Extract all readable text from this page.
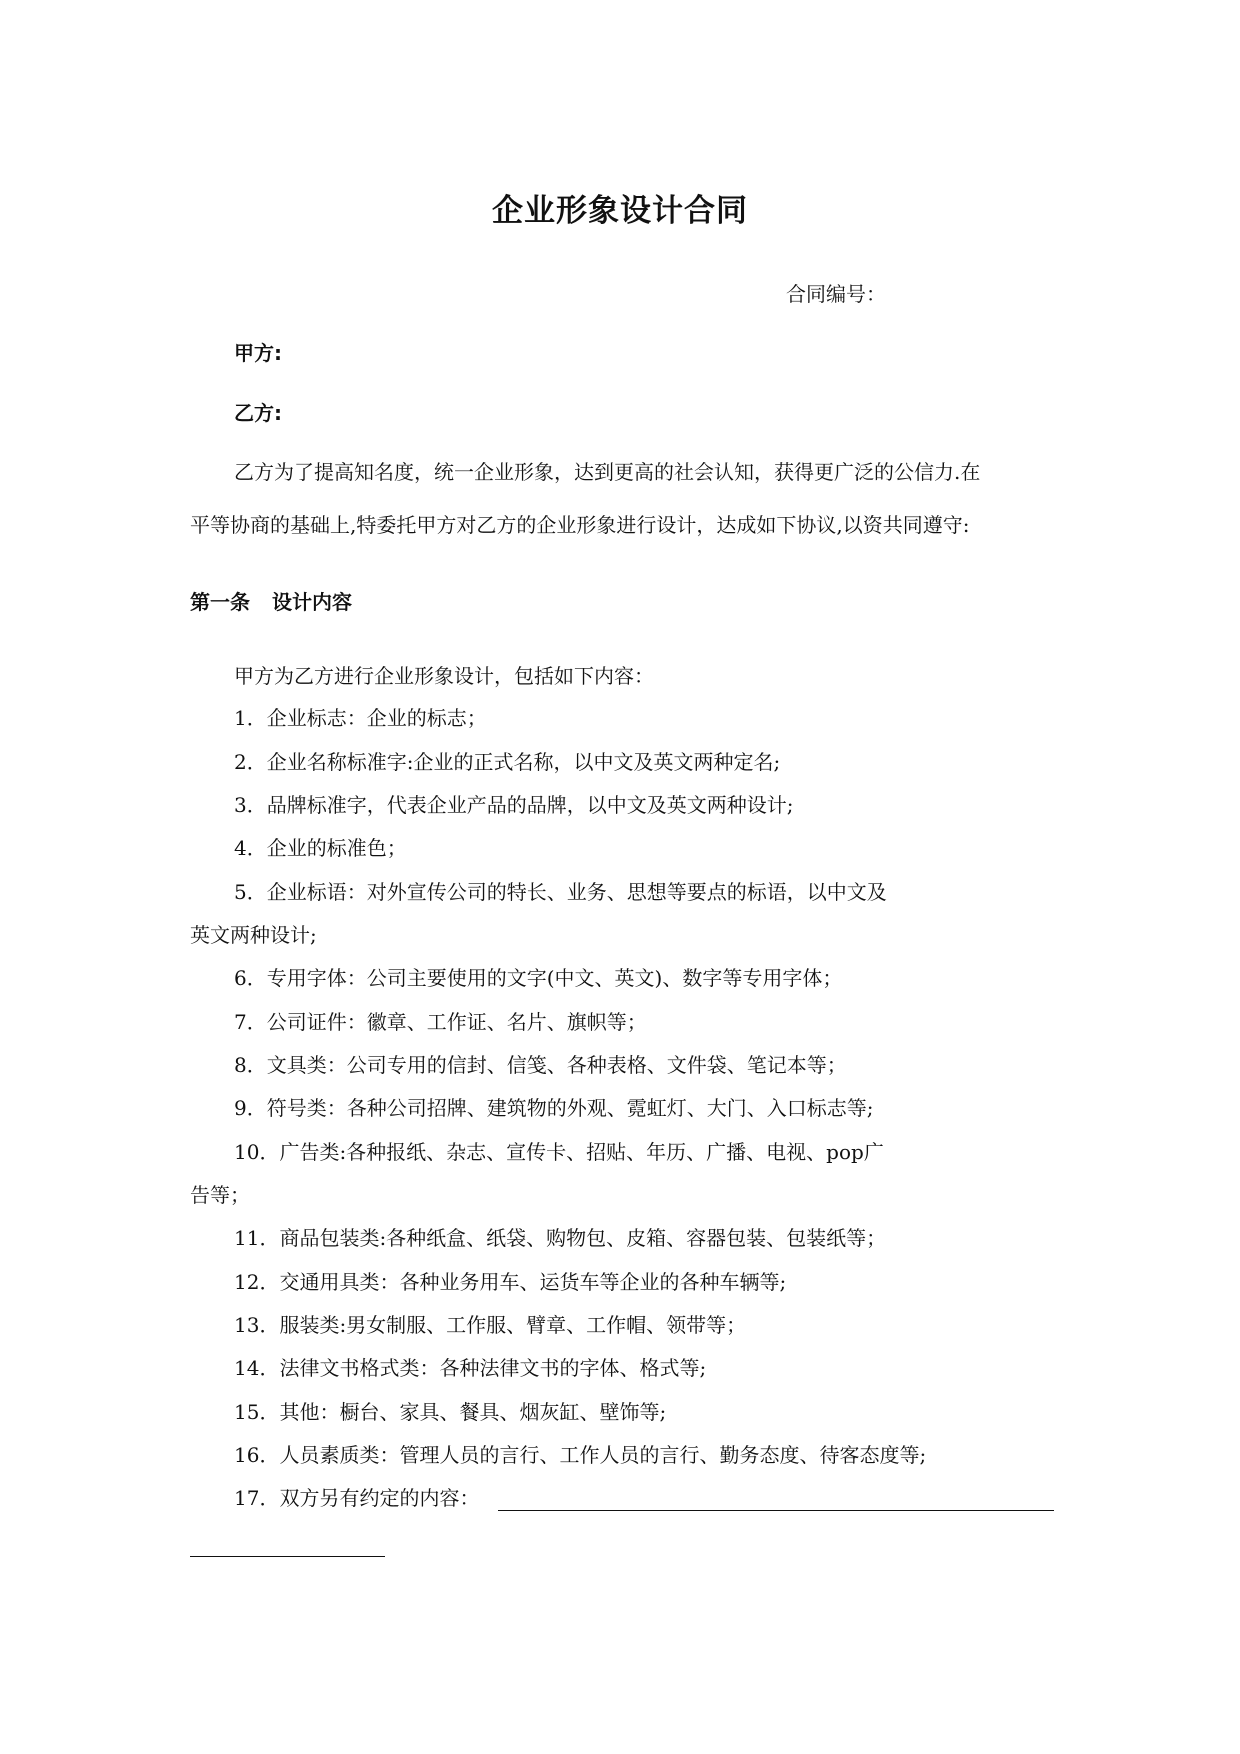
企业形象设计合同
合同编号：
甲方:
乙方:
乙方为了提高知名度，统一企业形象，达到更高的社会认知，获得更广泛的公信力.在
平等协商的基础上,特委托甲方对乙方的企业形象进行设计，达成如下协议,以资共同遵守:
第一条 设计内容
甲方为乙方进行企业形象设计，包括如下内容：
1．企业标志：企业的标志；
2．企业名称标准字:企业的正式名称，以中文及英文两种定名;
3．品牌标准字，代表企业产品的品牌，以中文及英文两种设计;
4．企业的标准色；
5．企业标语：对外宣传公司的特长、业务、思想等要点的标语，以中文及
英文两种设计;
6．专用字体：公司主要使用的文字(中文、英文)、数字等专用字体；
7．公司证件：徽章、工作证、名片、旗帜等；
8．文具类：公司专用的信封、信笺、各种表格、文件袋、笔记本等；
9．符号类：各种公司招牌、建筑物的外观、霓虹灯、大门、入口标志等;
10．广告类:各种报纸、杂志、宣传卡、招贴、年历、广播、电视、pop广
告等；
11．商品包装类:各种纸盒、纸袋、购物包、皮箱、容器包装、包装纸等；
12．交通用具类：各种业务用车、运货车等企业的各种车辆等;
13．服装类:男女制服、工作服、臂章、工作帽、领带等；
14．法律文书格式类：各种法律文书的字体、格式等;
15．其他：橱台、家具、餐具、烟灰缸、壁饰等;
16．人员素质类：管理人员的言行、工作人员的言行、勤务态度、待客态度等;
17．双方另有约定的内容：
